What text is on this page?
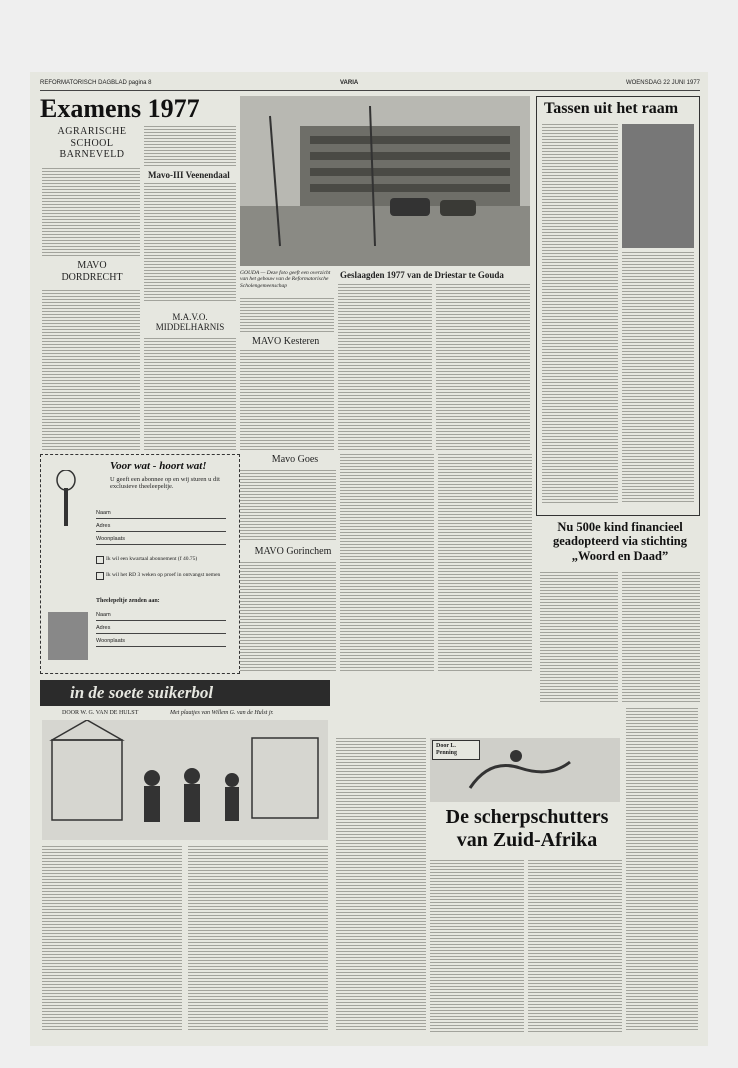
REFORMATORISCH DAGBLAD pagina 8	VARIA	WOENSDAG 22 JUNI 1977
Examens 1977
AGRARISCHE SCHOOL BARNEVELD
MAVO DORDRECHT
Mavo-III Veenendaal
M.A.V.O. MIDDELHARNIS
GOUDA — Deze foto geeft een overzicht van het gebouw van de Reformatorische Scholengemeenschap
MAVO Kesteren
Geslaagden 1977 van de Driestar te Gouda
Tassen uit het raam
Voor wat - hoort wat!
U geeft een abonnee op en wij sturen u dit exclusieve theeleepeltje.
Naam
Adres
Woonplaats
Ik wil een kwartaal abonnement (f 40.75)
Ik wil het RD 3 weken op proef in ontvangst nemen
Theelepeltje zenden aan:
Naam
Adres
Woonplaats
Mavo Goes
MAVO Gorinchem
Nu 500e kind financieel geadopteerd via stichting „Woord en Daad”
in de soete suikerbol
DOOR W. G. VAN DE HULST	Met plaatjes van Willem G. van de Hulst jr.
Door L. Penning
De scherpschutters van Zuid-Afrika
